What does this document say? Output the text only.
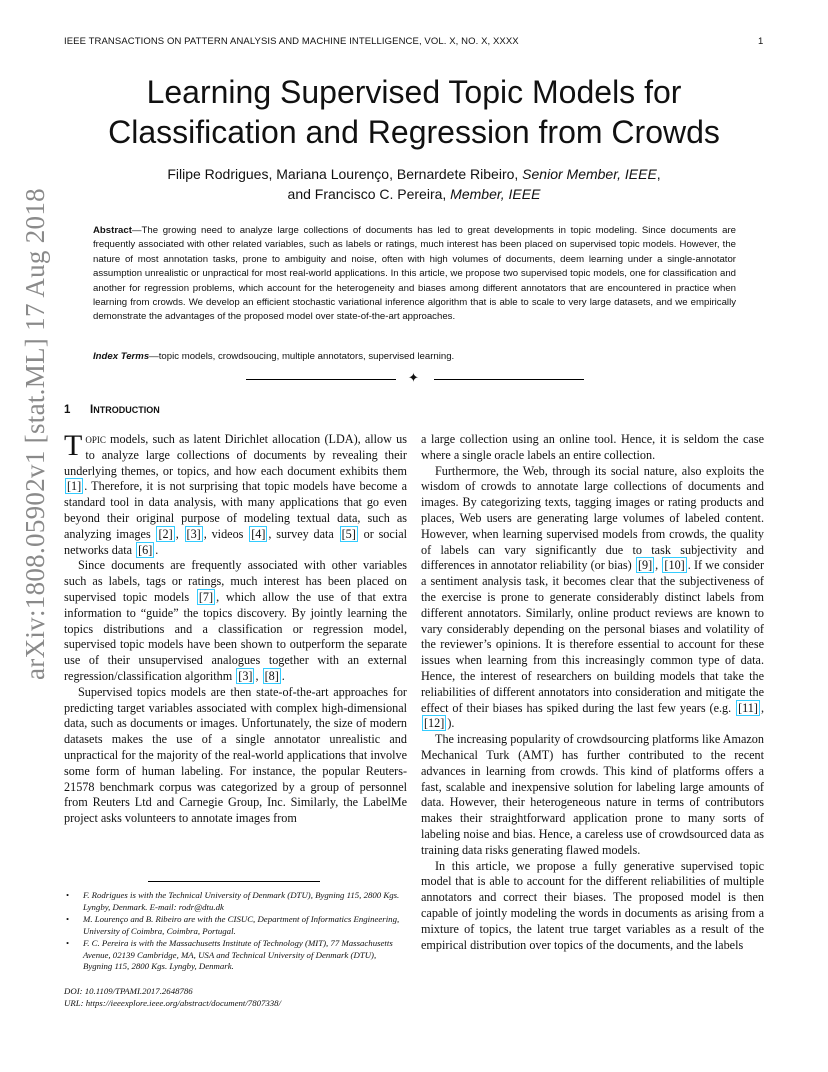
IEEE TRANSACTIONS ON PATTERN ANALYSIS AND MACHINE INTELLIGENCE, VOL. X, NO. X, XXXX	1
Learning Supervised Topic Models for
Classification and Regression from Crowds
Filipe Rodrigues, Mariana Lourenço, Bernardete Ribeiro, Senior Member, IEEE,
and Francisco C. Pereira, Member, IEEE
Abstract—The growing need to analyze large collections of documents has led to great developments in topic modeling. Since documents are frequently associated with other related variables, such as labels or ratings, much interest has been placed on supervised topic models. However, the nature of most annotation tasks, prone to ambiguity and noise, often with high volumes of documents, deem learning under a single-annotator assumption unrealistic or unpractical for most real-world applications. In this article, we propose two supervised topic models, one for classification and another for regression problems, which account for the heterogeneity and biases among different annotators that are encountered in practice when learning from crowds. We develop an efficient stochastic variational inference algorithm that is able to scale to very large datasets, and we empirically demonstrate the advantages of the proposed model over state-of-the-art approaches.
Index Terms—topic models, crowdsoucing, multiple annotators, supervised learning.
✦
arXiv:1808.05902v1 [stat.ML] 17 Aug 2018 1 INTRODUCTION

Topic models, such as latent Dirichlet allocation (LDA), allow us to analyze large collections of documents by revealing their underlying themes, or topics, and how each document exhibits them [1] . Therefore, it is not surprising that topic models have become a standard tool in data analysis, with many applications that go even beyond their original purpose of modeling textual data, such as analyzing images [2] , [3] , videos [4] , survey data [5] or social networks data [6] .

Since documents are frequently associated with other variables such as labels, tags or ratings, much interest has been placed on supervised topic models [7] , which allow the use of that extra information to “guide” the topics discovery. By jointly learning the topics distributions and a classification or regression model, supervised topic models have been shown to outperform the separate use of their unsupervised analogues together with an external regression/classification algorithm [3] , [8] .

Supervised topics models are then state-of-the-art approaches for predicting target variables associated with complex high-dimensional data, such as documents or images. Unfortunately, the size of modern datasets makes the use of a single annotator unrealistic and unpractical for the majority of the real-world applications that involve some form of human labeling. For instance, the popular Reuters-21578 benchmark corpus was categorized by a group of personnel from Reuters Ltd and Carnegie Group, Inc. Similarly, the LabelMe project asks volunteers to annotate images from

a large collection using an online tool. Hence, it is seldom the case where a single oracle labels an entire collection.

Furthermore, the Web, through its social nature, also exploits the wisdom of crowds to annotate large collections of documents and images. By categorizing texts, tagging images or rating products and places, Web users are generating large volumes of labeled content. However, when learning supervised models from crowds, the quality of labels can vary significantly due to task subjectivity and differences in annotator reliability (or bias) [9] , [10] . If we consider a sentiment analysis task, it becomes clear that the subjectiveness of the exercise is prone to generate considerably distinct labels from different annotators. Similarly, online product reviews are known to vary considerably depending on the personal biases and volatility of the reviewer’s opinions. It is therefore essential to account for these issues when learning from this increasingly common type of data. Hence, the interest of researchers on building models that take the reliabilities of different annotators into consideration and mitigate the effect of their biases has spiked during the last few years (e.g. [11] , [12] ).

The increasing popularity of crowdsourcing platforms like Amazon Mechanical Turk (AMT) has further contributed to the recent advances in learning from crowds. This kind of platforms offers a fast, scalable and inexpensive solution for labeling large amounts of data. However, their heterogeneous nature in terms of contributors makes their straightforward application prone to many sorts of labeling noise and bias. Hence, a careless use of crowdsourced data as training data risks generating flawed models.

In this article, we propose a fully generative supervised topic model that is able to account for the different reliabilities of multiple annotators and correct their biases. The proposed model is then capable of jointly modeling the words in documents as arising from a mixture of topics, the latent true target variables as a result of the empirical distribution over topics of the documents, and the labels

• F. Rodrigues is with the Technical University of Denmark (DTU), Bygning 115, 2800 Kgs. Lyngby, Denmark. E-mail: rodr@dtu.dk
• M. Lourenço and B. Ribeiro are with the CISUC, Department of Informatics Engineering, University of Coimbra, Coimbra, Portugal.
• F. C. Pereira is with the Massachusetts Institute of Technology (MIT), 77 Massachusetts Avenue, 02139 Cambridge, MA, USA and Technical University of Denmark (DTU), Bygning 115, 2800 Kgs. Lyngby, Denmark.
DOI: 10.1109/TPAMI.2017.2648786
URL: https://ieeexplore.ieee.org/abstract/document/7807338/
